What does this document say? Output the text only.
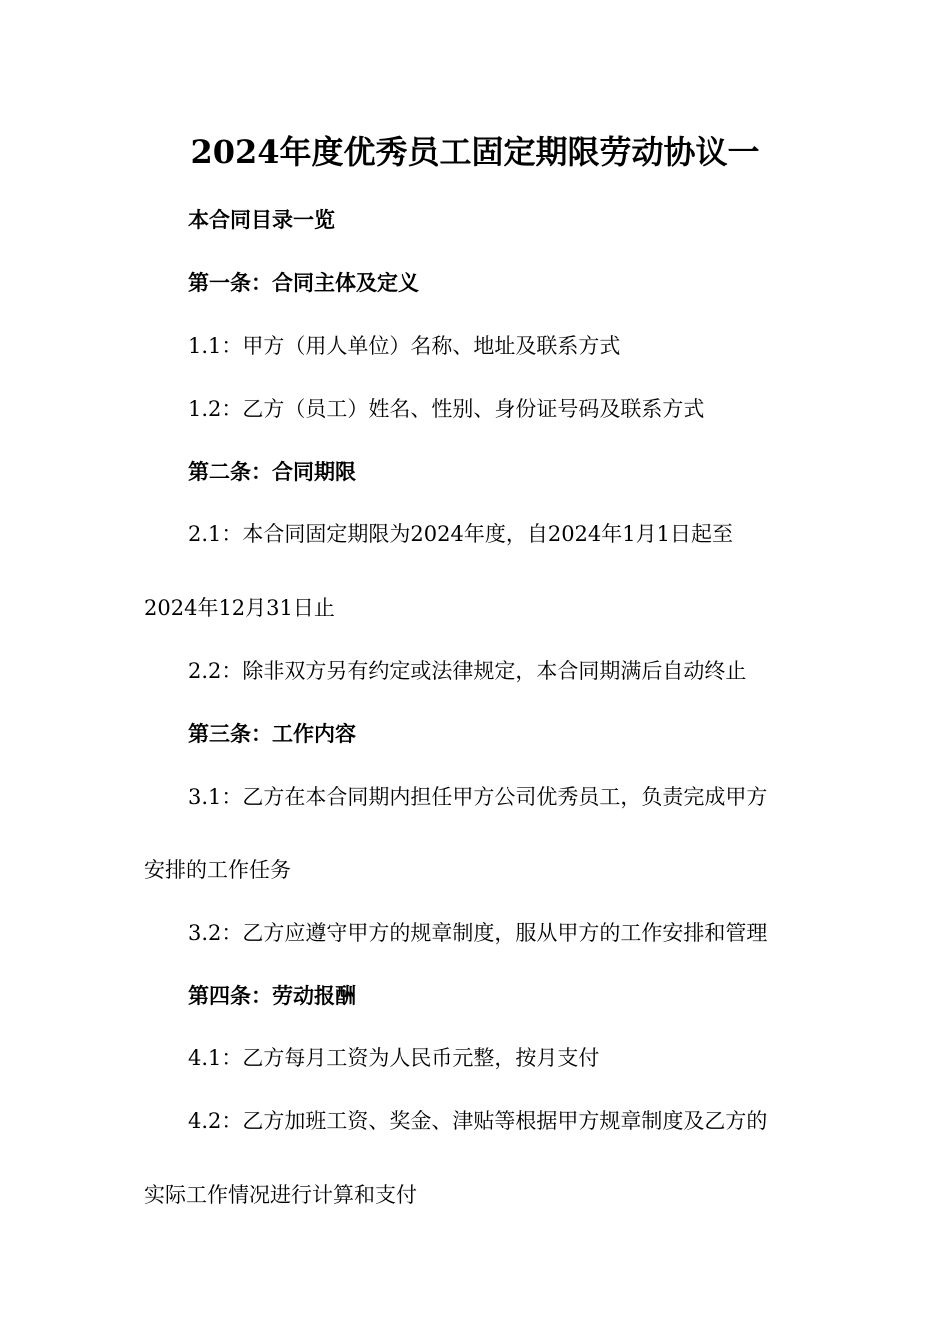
2024年度优秀员工固定期限劳动协议一
本合同目录一览
第一条：合同主体及定义
1.1：甲方（用人单位）名称、地址及联系方式
1.2：乙方（员工）姓名、性别、身份证号码及联系方式
第二条：合同期限
2.1：本合同固定期限为2024年度，自2024年1月1日起至
2024年12月31日止
2.2：除非双方另有约定或法律规定，本合同期满后自动终止
第三条：工作内容
3.1：乙方在本合同期内担任甲方公司优秀员工，负责完成甲方
安排的工作任务
3.2：乙方应遵守甲方的规章制度，服从甲方的工作安排和管理
第四条：劳动报酬
4.1：乙方每月工资为人民币元整，按月支付
4.2：乙方加班工资、奖金、津贴等根据甲方规章制度及乙方的
实际工作情况进行计算和支付
